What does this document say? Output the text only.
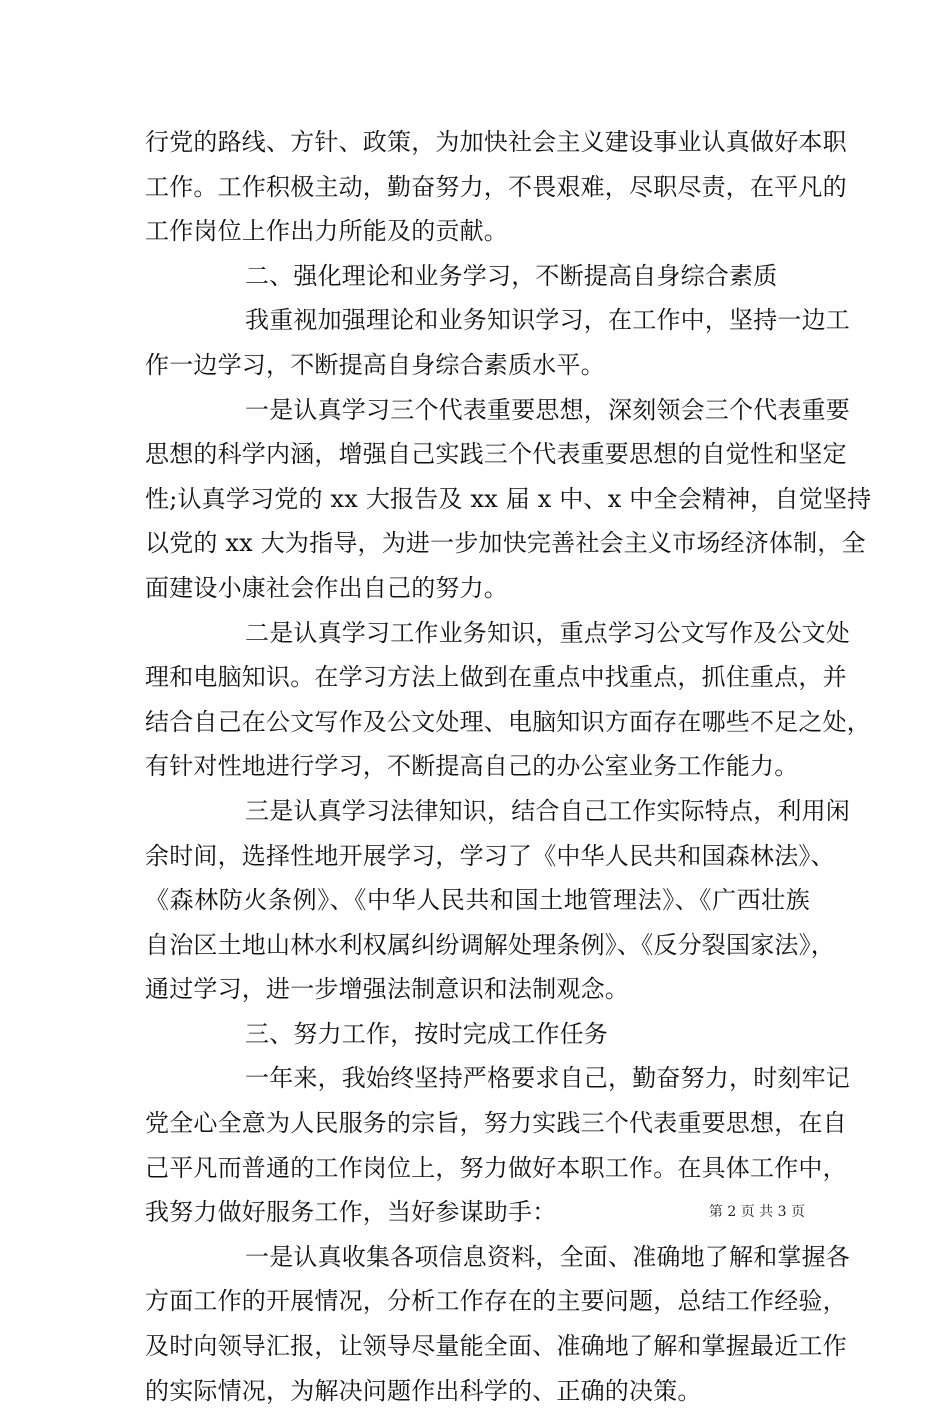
行党的路线、方针、政策，为加快社会主义建设事业认真做好本职
工作。工作积极主动，勤奋努力，不畏艰难，尽职尽责，在平凡的
工作岗位上作出力所能及的贡献。
二、强化理论和业务学习，不断提高自身综合素质
我重视加强理论和业务知识学习，在工作中，坚持一边工
作一边学习，不断提高自身综合素质水平。
一是认真学习三个代表重要思想，深刻领会三个代表重要
思想的科学内涵，增强自己实践三个代表重要思想的自觉性和坚定
性;认真学习党的 xx 大报告及 xx 届 x 中、x 中全会精神，自觉坚持
以党的 xx 大为指导，为进一步加快完善社会主义市场经济体制，全
面建设小康社会作出自己的努力。
二是认真学习工作业务知识，重点学习公文写作及公文处
理和电脑知识。在学习方法上做到在重点中找重点，抓住重点，并
结合自己在公文写作及公文处理、电脑知识方面存在哪些不足之处，
有针对性地进行学习，不断提高自己的办公室业务工作能力。
三是认真学习法律知识，结合自己工作实际特点，利用闲
余时间，选择性地开展学习，学习了《中华人民共和国森林法》、
《森林防火条例》、《中华人民共和国土地管理法》、《广西壮族
自治区土地山林水利权属纠纷调解处理条例》、《反分裂国家法》，
通过学习，进一步增强法制意识和法制观念。
三、努力工作，按时完成工作任务
一年来，我始终坚持严格要求自己，勤奋努力，时刻牢记
党全心全意为人民服务的宗旨，努力实践三个代表重要思想，在自
己平凡而普通的工作岗位上，努力做好本职工作。在具体工作中，
我努力做好服务工作，当好参谋助手：
一是认真收集各项信息资料，全面、准确地了解和掌握各
方面工作的开展情况，分析工作存在的主要问题，总结工作经验，
及时向领导汇报，让领导尽量能全面、准确地了解和掌握最近工作
的实际情况，为解决问题作出科学的、正确的决策。
第 2 页 共 3 页
